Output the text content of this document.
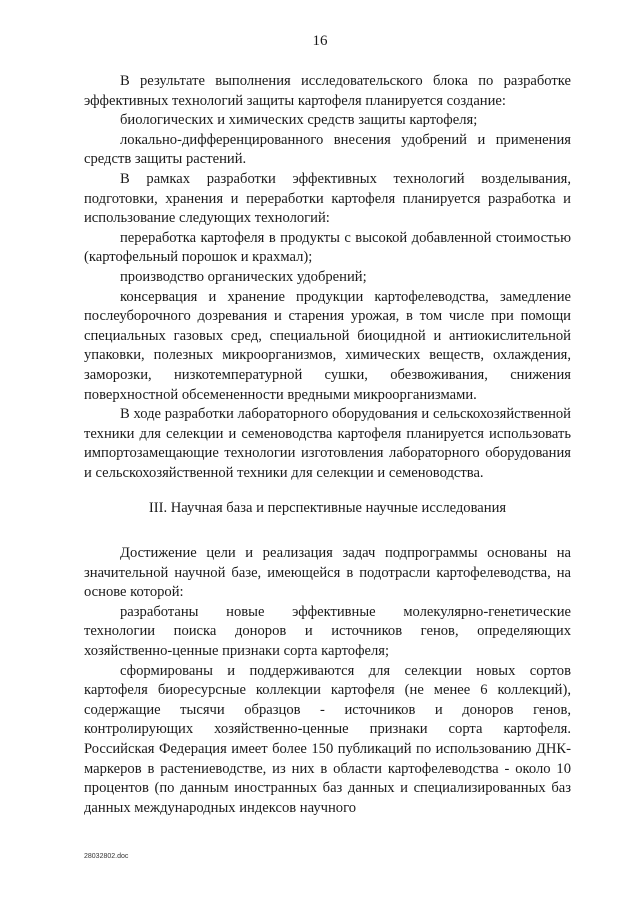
16

В результате выполнения исследовательского блока по разработке эффективных технологий защиты картофеля планируется создание:

биологических и химических средств защиты картофеля;

локально-дифференцированного внесения удобрений и применения средств защиты растений.

В рамках разработки эффективных технологий возделывания, подготовки, хранения и переработки картофеля планируется разработка и использование следующих технологий:

переработка картофеля в продукты с высокой добавленной стоимостью (картофельный порошок и крахмал);

производство органических удобрений;

консервация и хранение продукции картофелеводства, замедление послеуборочного дозревания и старения урожая, в том числе при помощи специальных газовых сред, специальной биоцидной и антиокислительной упаковки, полезных микроорганизмов, химических веществ, охлаждения, заморозки, низкотемпературной сушки, обезвоживания, снижения поверхностной обсемененности вредными микроорганизмами.

В ходе разработки лабораторного оборудования и сельскохозяйственной техники для селекции и семеноводства картофеля планируется использовать импортозамещающие технологии изготовления лабораторного оборудования и сельскохозяйственной техники для селекции и семеноводства.

III. Научная база и перспективные научные исследования

Достижение цели и реализация задач подпрограммы основаны на значительной научной базе, имеющейся в подотрасли картофелеводства, на основе которой:

разработаны новые эффективные молекулярно-генетические технологии поиска доноров и источников генов, определяющих хозяйственно-ценные признаки сорта картофеля;

сформированы и поддерживаются для селекции новых сортов картофеля биоресурсные коллекции картофеля (не менее 6 коллекций), содержащие тысячи образцов - источников и доноров генов, контролирующих хозяйственно-ценные признаки сорта картофеля. Российская Федерация имеет более 150 публикаций по использованию ДНК-маркеров в растениеводстве, из них в области картофелеводства - около 10 процентов (по данным иностранных баз данных и специализированных баз данных международных индексов научного

28032802.doc
